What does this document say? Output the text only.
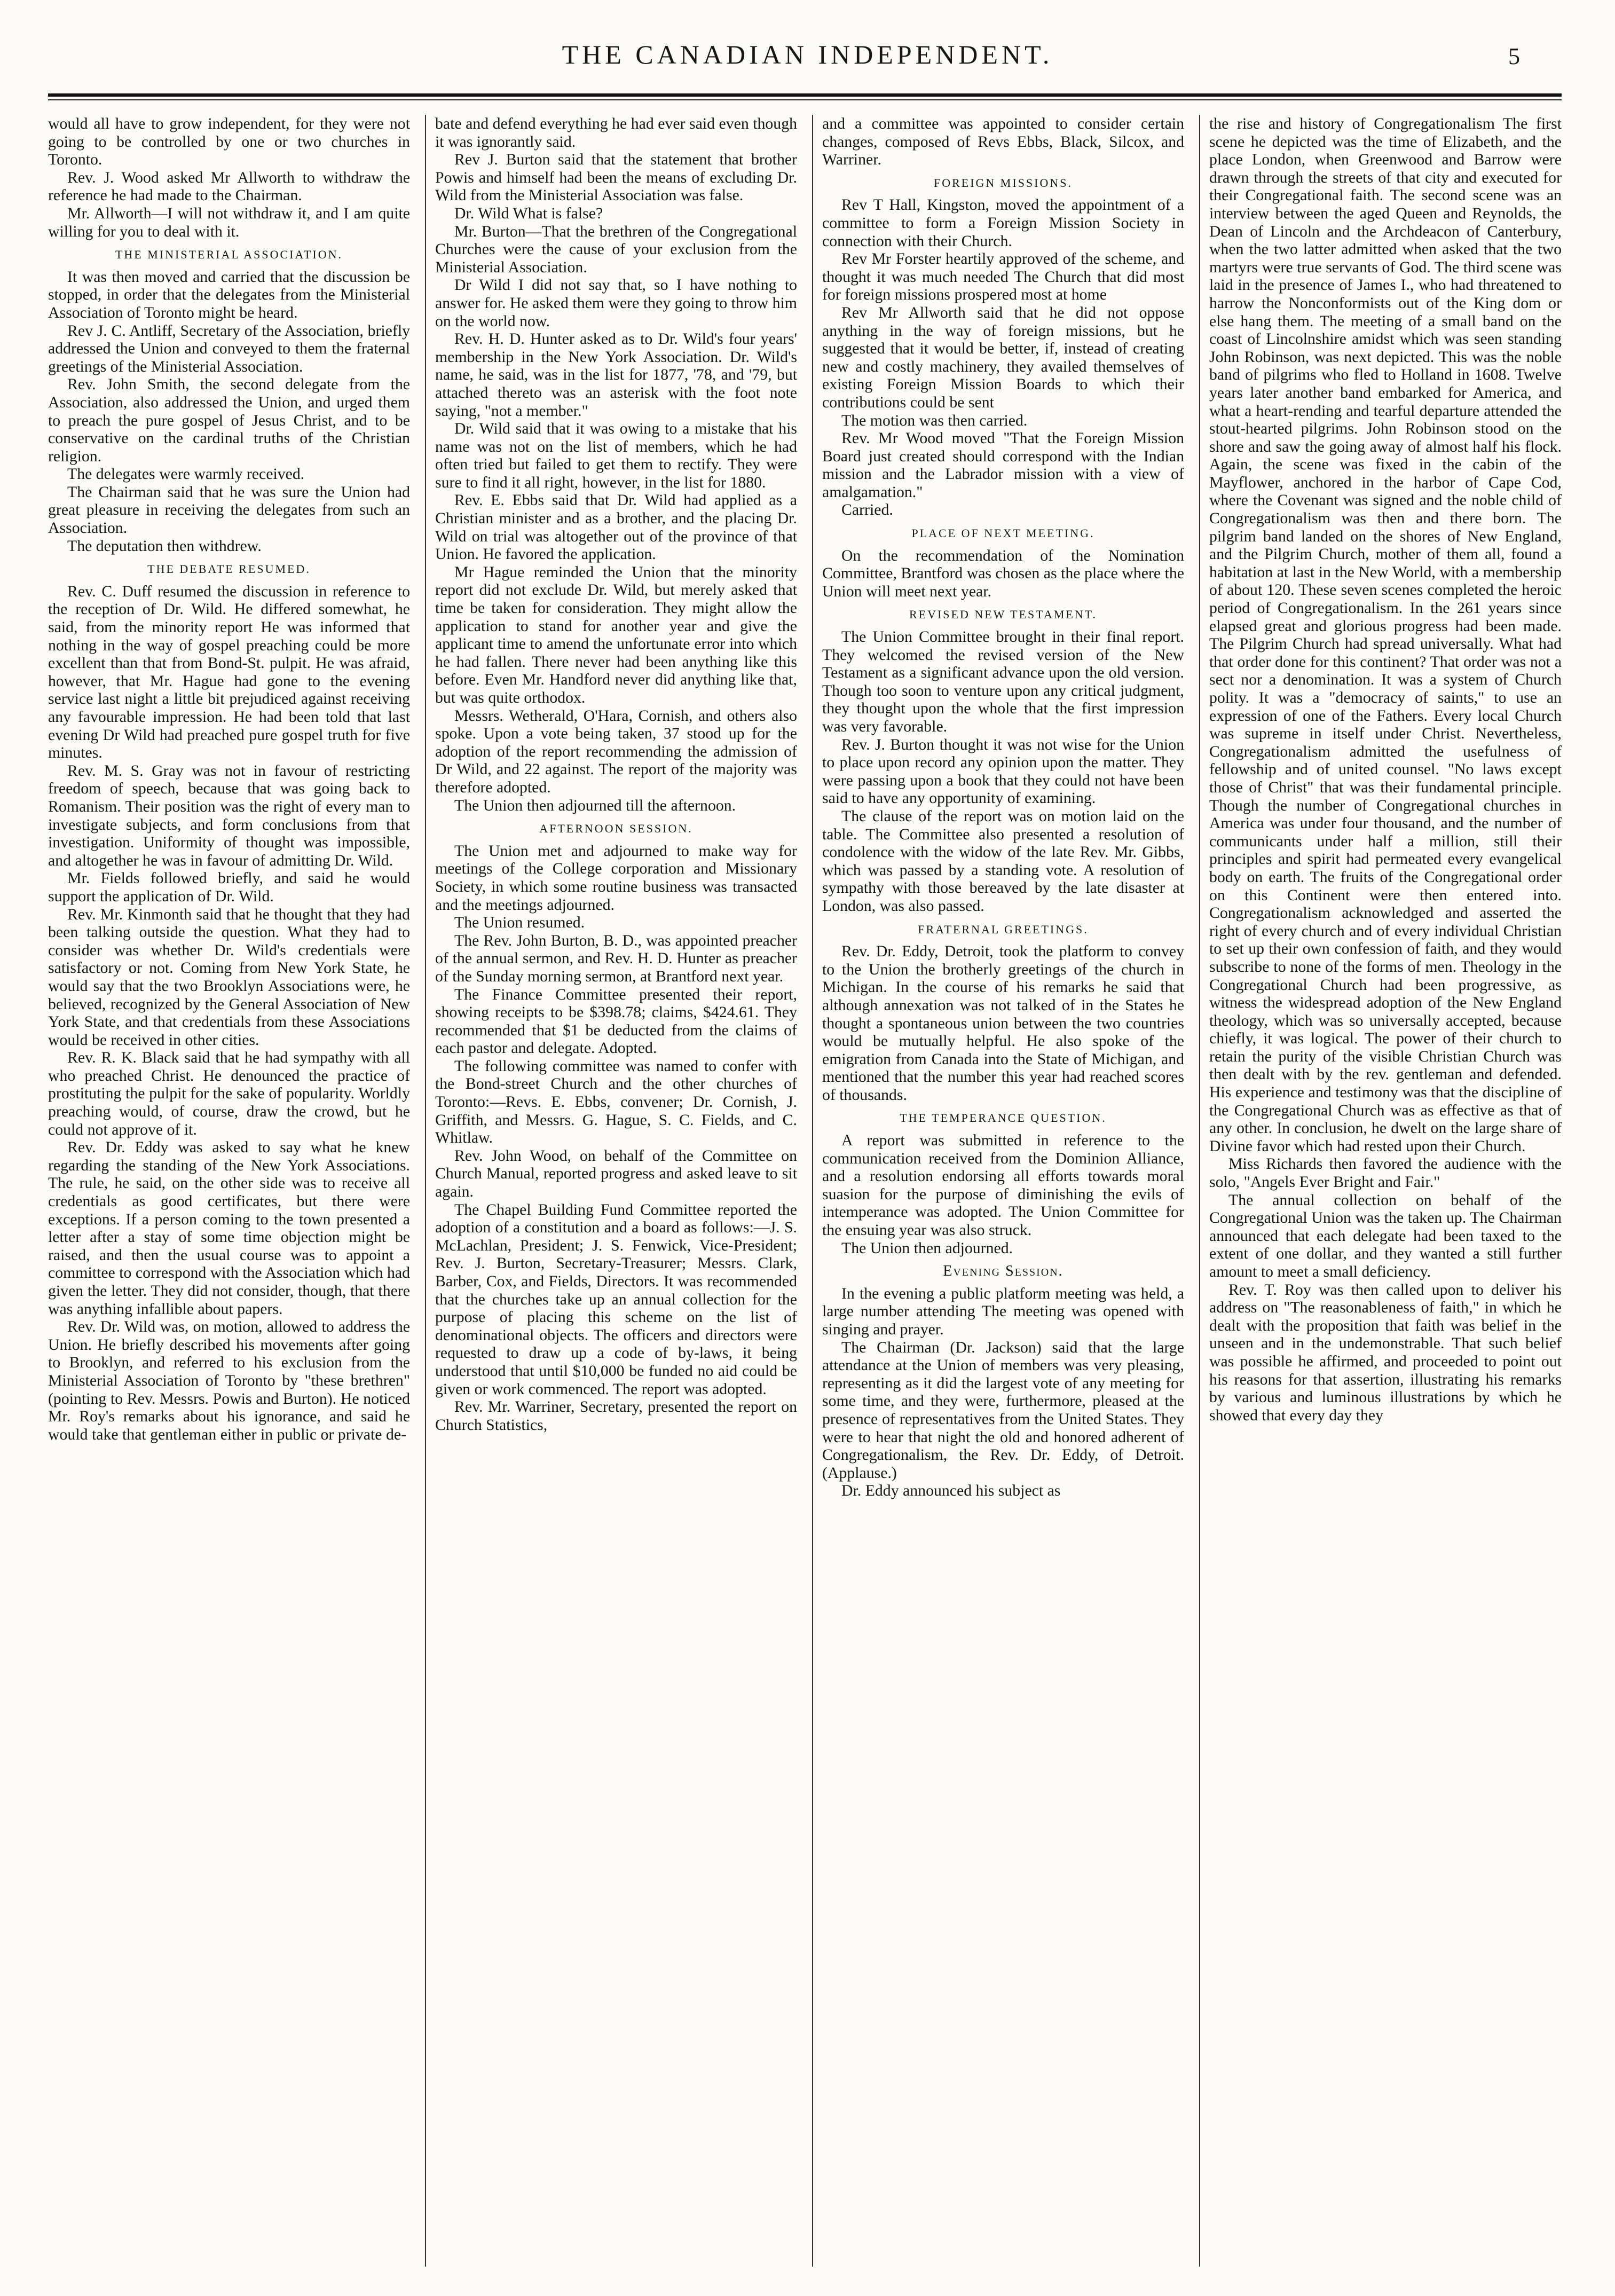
THE CANADIAN INDEPENDENT.	5

would all have to grow independent, for they were not going to be controlled by one or two churches in Toronto.

Rev. J. Wood asked Mr Allworth to withdraw the reference he had made to the Chairman.

Mr. Allworth—I will not withdraw it, and I am quite willing for you to deal with it.

THE MINISTERIAL ASSOCIATION.

It was then moved and carried that the discussion be stopped, in order that the delegates from the Ministerial Association of Toronto might be heard.

Rev J. C. Antliff, Secretary of the Association, briefly addressed the Union and conveyed to them the fraternal greetings of the Ministerial Association.

Rev. John Smith, the second delegate from the Association, also addressed the Union, and urged them to preach the pure gospel of Jesus Christ, and to be conservative on the cardinal truths of the Christian religion.

The delegates were warmly received.

The Chairman said that he was sure the Union had great pleasure in receiving the delegates from such an Association.

The deputation then withdrew.

THE DEBATE RESUMED.

Rev. C. Duff resumed the discussion in reference to the reception of Dr. Wild. He differed somewhat, he said, from the minority report He was informed that nothing in the way of gospel preaching could be more excellent than that from Bond-St. pulpit. He was afraid, however, that Mr. Hague had gone to the evening service last night a little bit prejudiced against receiving any favourable impression. He had been told that last evening Dr Wild had preached pure gospel truth for five minutes.

Rev. M. S. Gray was not in favour of restricting freedom of speech, because that was going back to Romanism. Their position was the right of every man to investigate subjects, and form conclusions from that investigation. Uniformity of thought was impossible, and altogether he was in favour of admitting Dr. Wild.

Mr. Fields followed briefly, and said he would support the application of Dr. Wild.

Rev. Mr. Kinmonth said that he thought that they had been talking outside the question. What they had to consider was whether Dr. Wild's credentials were satisfactory or not. Coming from New York State, he would say that the two Brooklyn Associations were, he believed, recognized by the General Association of New York State, and that credentials from these Associations would be received in other cities.

Rev. R. K. Black said that he had sympathy with all who preached Christ. He denounced the practice of prostituting the pulpit for the sake of popularity. Worldly preaching would, of course, draw the crowd, but he could not approve of it.

Rev. Dr. Eddy was asked to say what he knew regarding the standing of the New York Associations. The rule, he said, on the other side was to receive all credentials as good certificates, but there were exceptions. If a person coming to the town presented a letter after a stay of some time objection might be raised, and then the usual course was to appoint a committee to correspond with the Association which had given the letter. They did not consider, though, that there was anything infallible about papers.

Rev. Dr. Wild was, on motion, allowed to address the Union. He briefly described his movements after going to Brooklyn, and referred to his exclusion from the Ministerial Association of Toronto by "these brethren" (pointing to Rev. Messrs. Powis and Burton). He noticed Mr. Roy's remarks about his ignorance, and said he would take that gentleman either in public or private de-

bate and defend everything he had ever said even though it was ignorantly said.

Rev J. Burton said that the statement that brother Powis and himself had been the means of excluding Dr. Wild from the Ministerial Association was false.

Dr. Wild What is false?

Mr. Burton—That the brethren of the Congregational Churches were the cause of your exclusion from the Ministerial Association.

Dr Wild I did not say that, so I have nothing to answer for. He asked them were they going to throw him on the world now.

Rev. H. D. Hunter asked as to Dr. Wild's four years' membership in the New York Association. Dr. Wild's name, he said, was in the list for 1877, '78, and '79, but attached thereto was an asterisk with the foot note saying, "not a member."

Dr. Wild said that it was owing to a mistake that his name was not on the list of members, which he had often tried but failed to get them to rectify. They were sure to find it all right, however, in the list for 1880.

Rev. E. Ebbs said that Dr. Wild had applied as a Christian minister and as a brother, and the placing Dr. Wild on trial was altogether out of the province of that Union. He favored the application.

Mr Hague reminded the Union that the minority report did not exclude Dr. Wild, but merely asked that time be taken for consideration. They might allow the application to stand for another year and give the applicant time to amend the unfortunate error into which he had fallen. There never had been anything like this before. Even Mr. Handford never did anything like that, but was quite orthodox.

Messrs. Wetherald, O'Hara, Cornish, and others also spoke. Upon a vote being taken, 37 stood up for the adoption of the report recommending the admission of Dr Wild, and 22 against. The report of the majority was therefore adopted.

The Union then adjourned till the afternoon.

AFTERNOON SESSION.

The Union met and adjourned to make way for meetings of the College corporation and Missionary Society, in which some routine business was transacted and the meetings adjourned.

The Union resumed.

The Rev. John Burton, B. D., was appointed preacher of the annual sermon, and Rev. H. D. Hunter as preacher of the Sunday morning sermon, at Brantford next year.

The Finance Committee presented their report, showing receipts to be $398.78; claims, $424.61. They recommended that $1 be deducted from the claims of each pastor and delegate. Adopted.

The following committee was named to confer with the Bond-street Church and the other churches of Toronto:—Revs. E. Ebbs, convener; Dr. Cornish, J. Griffith, and Messrs. G. Hague, S. C. Fields, and C. Whitlaw.

Rev. John Wood, on behalf of the Committee on Church Manual, reported progress and asked leave to sit again.

The Chapel Building Fund Committee reported the adoption of a constitution and a board as follows:—J. S. McLachlan, President; J. S. Fenwick, Vice-President; Rev. J. Burton, Secretary-Treasurer; Messrs. Clark, Barber, Cox, and Fields, Directors. It was recommended that the churches take up an annual collection for the purpose of placing this scheme on the list of denominational objects. The officers and directors were requested to draw up a code of by-laws, it being understood that until $10,000 be funded no aid could be given or work commenced. The report was adopted.

Rev. Mr. Warriner, Secretary, presented the report on Church Statistics,

and a committee was appointed to consider certain changes, composed of Revs Ebbs, Black, Silcox, and Warriner.

FOREIGN MISSIONS.

Rev T Hall, Kingston, moved the appointment of a committee to form a Foreign Mission Society in connection with their Church.

Rev Mr Forster heartily approved of the scheme, and thought it was much needed The Church that did most for foreign missions prospered most at home

Rev Mr Allworth said that he did not oppose anything in the way of foreign missions, but he suggested that it would be better, if, instead of creating new and costly machinery, they availed themselves of existing Foreign Mission Boards to which their contributions could be sent

The motion was then carried.

Rev. Mr Wood moved "That the Foreign Mission Board just created should correspond with the Indian mission and the Labrador mission with a view of amalgamation."

Carried.

PLACE OF NEXT MEETING.

On the recommendation of the Nomination Committee, Brantford was chosen as the place where the Union will meet next year.

REVISED NEW TESTAMENT.

The Union Committee brought in their final report. They welcomed the revised version of the New Testament as a significant advance upon the old version. Though too soon to venture upon any critical judgment, they thought upon the whole that the first impression was very favorable.

Rev. J. Burton thought it was not wise for the Union to place upon record any opinion upon the matter. They were passing upon a book that they could not have been said to have any opportunity of examining.

The clause of the report was on motion laid on the table. The Committee also presented a resolution of condolence with the widow of the late Rev. Mr. Gibbs, which was passed by a standing vote. A resolution of sympathy with those bereaved by the late disaster at London, was also passed.

FRATERNAL GREETINGS.

Rev. Dr. Eddy, Detroit, took the platform to convey to the Union the brotherly greetings of the church in Michigan. In the course of his remarks he said that although annexation was not talked of in the States he thought a spontaneous union between the two countries would be mutually helpful. He also spoke of the emigration from Canada into the State of Michigan, and mentioned that the number this year had reached scores of thousands.

THE TEMPERANCE QUESTION.

A report was submitted in reference to the communication received from the Dominion Alliance, and a resolution endorsing all efforts towards moral suasion for the purpose of diminishing the evils of intemperance was adopted. The Union Committee for the ensuing year was also struck.

The Union then adjourned.

Evening Session.

In the evening a public platform meeting was held, a large number attending The meeting was opened with singing and prayer.

The Chairman (Dr. Jackson) said that the large attendance at the Union of members was very pleasing, representing as it did the largest vote of any meeting for some time, and they were, furthermore, pleased at the presence of representatives from the United States. They were to hear that night the old and honored adherent of Congregationalism, the Rev. Dr. Eddy, of Detroit. (Applause.)

Dr. Eddy announced his subject as

the rise and history of Congregationalism The first scene he depicted was the time of Elizabeth, and the place London, when Greenwood and Barrow were drawn through the streets of that city and executed for their Congregational faith. The second scene was an interview between the aged Queen and Reynolds, the Dean of Lincoln and the Archdeacon of Canterbury, when the two latter admitted when asked that the two martyrs were true servants of God. The third scene was laid in the presence of James I., who had threatened to harrow the Nonconformists out of the King dom or else hang them. The meeting of a small band on the coast of Lincolnshire amidst which was seen standing John Robinson, was next depicted. This was the noble band of pilgrims who fled to Holland in 1608. Twelve years later another band embarked for America, and what a heart-rending and tearful departure attended the stout-hearted pilgrims. John Robinson stood on the shore and saw the going away of almost half his flock. Again, the scene was fixed in the cabin of the Mayflower, anchored in the harbor of Cape Cod, where the Covenant was signed and the noble child of Congregationalism was then and there born. The pilgrim band landed on the shores of New England, and the Pilgrim Church, mother of them all, found a habitation at last in the New World, with a membership of about 120. These seven scenes completed the heroic period of Congregationalism. In the 261 years since elapsed great and glorious progress had been made. The Pilgrim Church had spread universally. What had that order done for this continent? That order was not a sect nor a denomination. It was a system of Church polity. It was a "democracy of saints," to use an expression of one of the Fathers. Every local Church was supreme in itself under Christ. Nevertheless, Congregationalism admitted the usefulness of fellowship and of united counsel. "No laws except those of Christ" that was their fundamental principle. Though the number of Congregational churches in America was under four thousand, and the number of communicants under half a million, still their principles and spirit had permeated every evangelical body on earth. The fruits of the Congregational order on this Continent were then entered into. Congregationalism acknowledged and asserted the right of every church and of every individual Christian to set up their own confession of faith, and they would subscribe to none of the forms of men. Theology in the Congregational Church had been progressive, as witness the widespread adoption of the New England theology, which was so universally accepted, because chiefly, it was logical. The power of their church to retain the purity of the visible Christian Church was then dealt with by the rev. gentleman and defended. His experience and testimony was that the discipline of the Congregational Church was as effective as that of any other. In conclusion, he dwelt on the large share of Divine favor which had rested upon their Church.

Miss Richards then favored the audience with the solo, "Angels Ever Bright and Fair."

The annual collection on behalf of the Congregational Union was the taken up. The Chairman announced that each delegate had been taxed to the extent of one dollar, and they wanted a still further amount to meet a small deficiency.

Rev. T. Roy was then called upon to deliver his address on "The reasonableness of faith," in which he dealt with the proposition that faith was belief in the unseen and in the undemonstrable. That such belief was possible he affirmed, and proceeded to point out his reasons for that assertion, illustrating his remarks by various and luminous illustrations by which he showed that every day they
